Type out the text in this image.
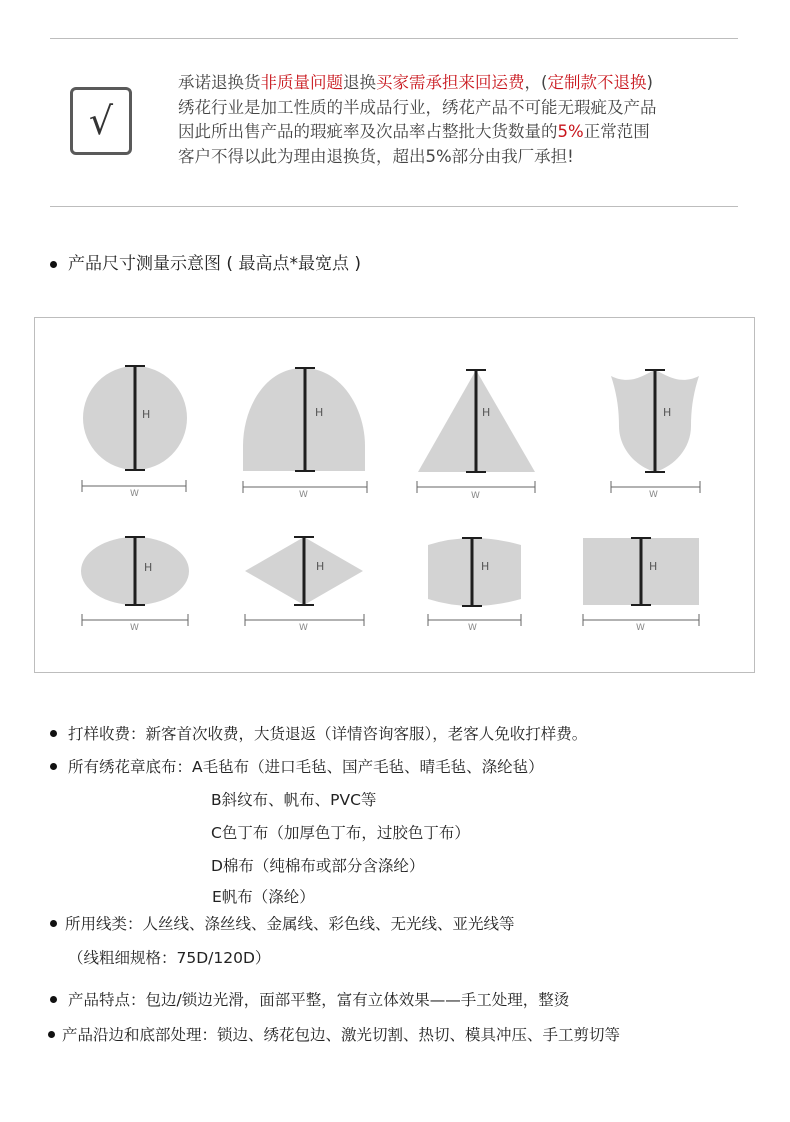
√

承诺退换货非质量问题退换买家需承担来回运费，(定制款不退换)

绣花行业是加工性质的半成品行业，绣花产品不可能无瑕疵及产品

因此所出售产品的瑕疵率及次品率占整批大货数量的5%正常范围

客户不得以此为理由退换货，超出5%部分由我厂承担!

产品尺寸测量示意图 ( 最高点*最宽点 )
H
W
H
W
H
W
H
W
H
W
H
W
H
W
H
W
打样收费：新客首次收费，大货退返（详情咨询客服），老客人免收打样费。
所有绣花章底布：A毛毡布（进口毛毡、国产毛毡、晴毛毡、涤纶毡）
B斜纹布、帆布、PVC等
C色丁布（加厚色丁布，过胶色丁布）
D棉布（纯棉布或部分含涤纶）
E帆布（涤纶）
所用线类：人丝线、涤丝线、金属线、彩色线、无光线、亚光线等
（线粗细规格：75D/120D）
产品特点：包边/锁边光滑，面部平整，富有立体效果——手工处理，整烫
产品沿边和底部处理：锁边、绣花包边、激光切割、热切、模具冲压、手工剪切等
